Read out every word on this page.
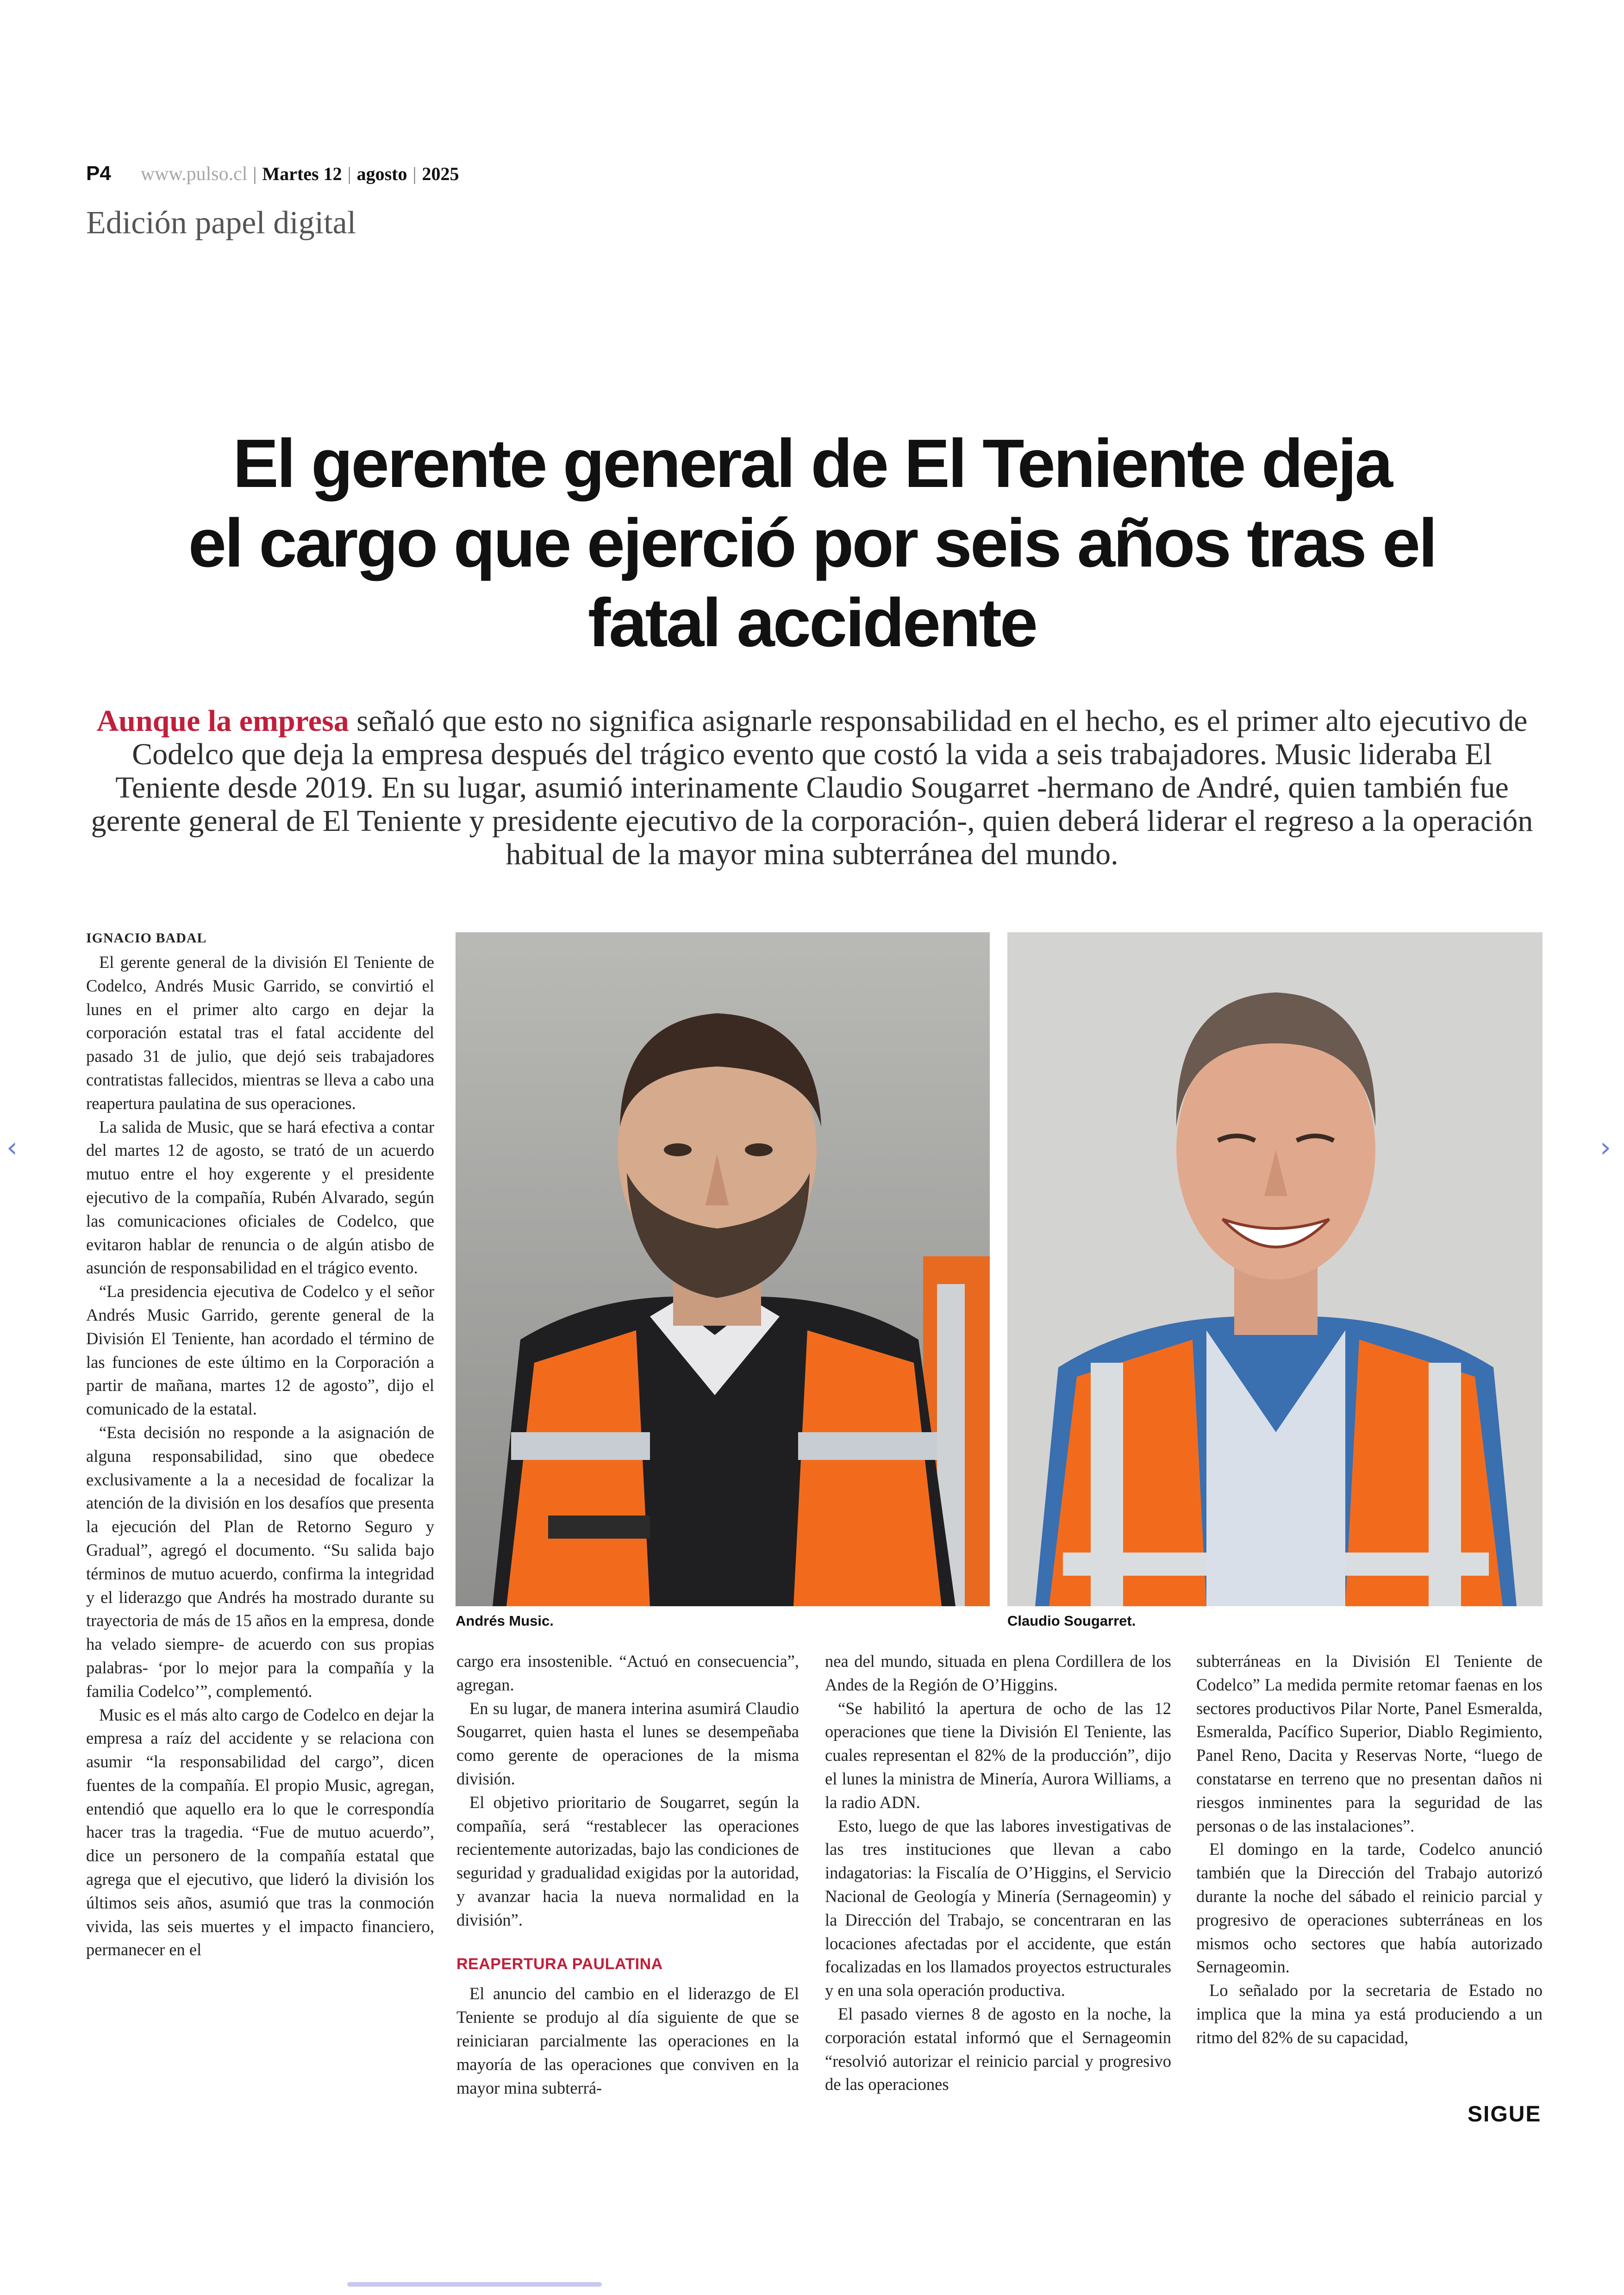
P4 www.pulso.cl | Martes 12 | agosto | 2025
Edición papel digital
El gerente general de El Teniente deja
el cargo que ejerció por seis años tras el
fatal accidente
Aunque la empresa señaló que esto no significa asignarle responsabilidad en el hecho, es el primer alto ejecutivo de Codelco que deja la empresa después del trágico evento que costó la vida a seis trabajadores. Music lideraba El Teniente desde 2019. En su lugar, asumió interinamente Claudio Sougarret -hermano de André, quien también fue gerente general de El Teniente y presidente ejecutivo de la corporación-, quien deberá liderar el regreso a la operación habitual de la mayor mina subterránea del mundo.
IGNACIO BADAL

El gerente general de la división El Teniente de Codelco, Andrés Music Garrido, se convirtió el lunes en el primer alto cargo en dejar la corporación estatal tras el fatal accidente del pasado 31 de julio, que dejó seis trabajadores contratistas fallecidos, mientras se lleva a cabo una reapertura paulatina de sus operaciones.

La salida de Music, que se hará efectiva a contar del martes 12 de agosto, se trató de un acuerdo mutuo entre el hoy exgerente y el presidente ejecutivo de la compañía, Rubén Alvarado, según las comunicaciones oficiales de Codelco, que evitaron hablar de renuncia o de algún atisbo de asunción de responsabilidad en el trágico evento.

“La presidencia ejecutiva de Codelco y el señor Andrés Music Garrido, gerente general de la División El Teniente, han acordado el término de las funciones de este último en la Corporación a partir de mañana, martes 12 de agosto”, dijo el comunicado de la estatal.

“Esta decisión no responde a la asignación de alguna responsabilidad, sino que obedece exclusivamente a la a necesidad de focalizar la atención de la división en los desafíos que presenta la ejecución del Plan de Retorno Seguro y Gradual”, agregó el documento. “Su salida bajo términos de mutuo acuerdo, confirma la integridad y el liderazgo que Andrés ha mostrado durante su trayectoria de más de 15 años en la empresa, donde ha velado siempre- de acuerdo con sus propias palabras- ‘por lo mejor para la compañía y la familia Codelco’”, complementó.

Music es el más alto cargo de Codelco en dejar la empresa a raíz del accidente y se relaciona con asumir “la responsabilidad del cargo”, dicen fuentes de la compañía. El propio Music, agregan, entendió que aquello era lo que le correspondía hacer tras la tragedia. “Fue de mutuo acuerdo”, dice un personero de la compañía estatal que agrega que el ejecutivo, que lideró la división los últimos seis años, asumió que tras la conmoción vivida, las seis muertes y el impacto financiero, permanecer en el

Andrés Music.	Claudio Sougarret.

cargo era insostenible. “Actuó en consecuencia”, agregan.

En su lugar, de manera interina asumirá Claudio Sougarret, quien hasta el lunes se desempeñaba como gerente de operaciones de la misma división.

El objetivo prioritario de Sougarret, según la compañía, será “restablecer las operaciones recientemente autorizadas, bajo las condiciones de seguridad y gradualidad exigidas por la autoridad, y avanzar hacia la nueva normalidad en la división”.

REAPERTURA PAULATINA

El anuncio del cambio en el liderazgo de El Teniente se produjo al día siguiente de que se reiniciaran parcialmente las operaciones en la mayoría de las operaciones que conviven en la mayor mina subterrá-

nea del mundo, situada en plena Cordillera de los Andes de la Región de O’Higgins.

“Se habilitó la apertura de ocho de las 12 operaciones que tiene la División El Teniente, las cuales representan el 82% de la producción”, dijo el lunes la ministra de Minería, Aurora Williams, a la radio ADN.

Esto, luego de que las labores investigativas de las tres instituciones que llevan a cabo indagatorias: la Fiscalía de O’Higgins, el Servicio Nacional de Geología y Minería (Sernageomin) y la Dirección del Trabajo, se concentraran en las locaciones afectadas por el accidente, que están focalizadas en los llamados proyectos estructurales y en una sola operación productiva.

El pasado viernes 8 de agosto en la noche, la corporación estatal informó que el Sernageomin “resolvió autorizar el reinicio parcial y progresivo de las operaciones

subterráneas en la División El Teniente de Codelco” La medida permite retomar faenas en los sectores productivos Pilar Norte, Panel Esmeralda, Esmeralda, Pacífico Superior, Diablo Regimiento, Panel Reno, Dacita y Reservas Norte, “luego de constatarse en terreno que no presentan daños ni riesgos inminentes para la seguridad de las personas o de las instalaciones”.

El domingo en la tarde, Codelco anunció también que la Dirección del Trabajo autorizó durante la noche del sábado el reinicio parcial y progresivo de operaciones subterráneas en los mismos ocho sectores que había autorizado Sernageomin.

Lo señalado por la secretaria de Estado no implica que la mina ya está produciendo a un ritmo del 82% de su capacidad,

SIGUE
‹	›
